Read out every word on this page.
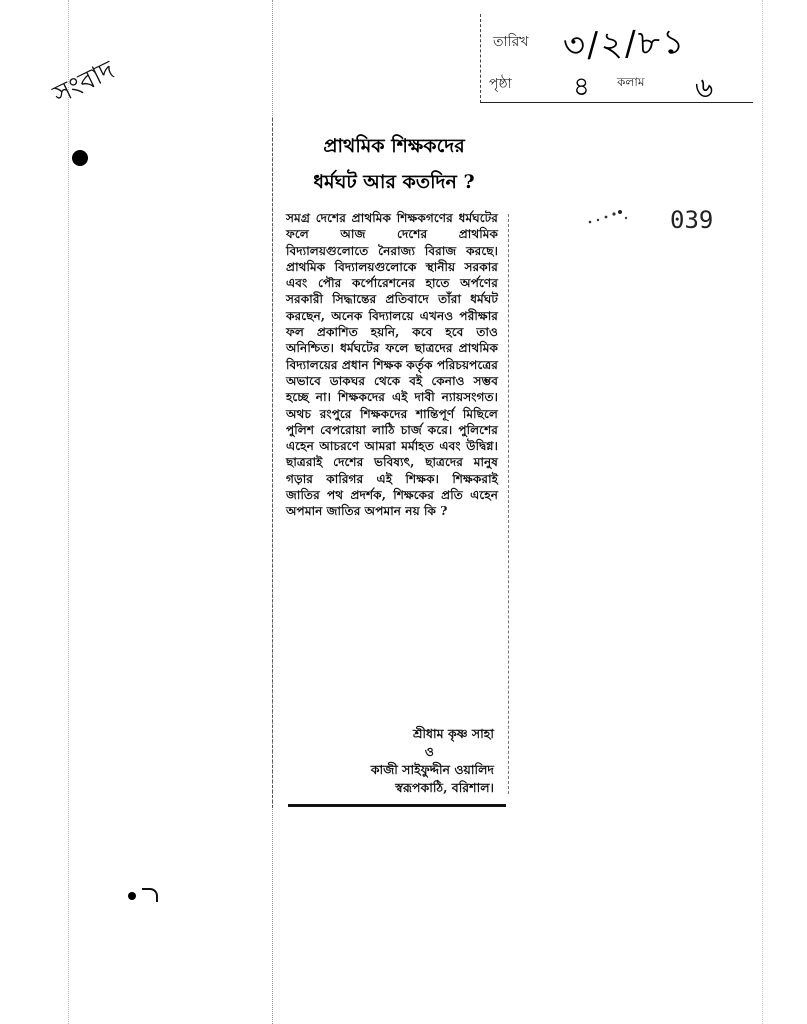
তারিখ ৩/২/৮১
পৃষ্ঠা ৪ কলাম ৬
সংবাদ
039
প্রাথমিক শিক্ষকদের
ধর্মঘট আর কতদিন ?
সমগ্র দেশের প্রাথমিক শিক্ষকগণের ধর্মঘটের ফলে আজ দেশের প্রাথমিক বিদ্যালয়গুলোতে নৈরাজ্য বিরাজ করছে। প্রাথমিক বিদ্যালয়গুলোকে স্থানীয় সরকার এবং পৌর কর্পোরেশনের হাতে অর্পণের সরকারী সিদ্ধান্তের প্রতিবাদে তাঁরা ধর্মঘট করছেন, অনেক বিদ্যালয়ে এখনও পরীক্ষার ফল প্রকাশিত হয়নি, কবে হবে তাও অনিশ্চিত। ধর্মঘটের ফলে ছাত্রদের প্রাথমিক বিদ্যালয়ের প্রধান শিক্ষক কর্তৃক পরিচয়পত্রের অভাবে ডাকঘর থেকে বই কেনাও সম্ভব হচ্ছে না। শিক্ষকদের এই দাবী ন্যায়সংগত। অথচ রংপুরে শিক্ষকদের শান্তিপূর্ণ মিছিলে পুলিশ বেপরোয়া লাঠি চার্জ করে। পুলিশের এহেন আচরণে আমরা মর্মাহত এবং উদ্বিগ্ন। ছাত্ররাই দেশের ভবিষ্যৎ, ছাত্রদের মানুষ গড়ার কারিগর এই শিক্ষক। শিক্ষকরাই জাতির পথ প্রদর্শক, শিক্ষকের প্রতি এহেন অপমান জাতির অপমান নয় কি ?
শ্রীধাম কৃষ্ণ সাহা
ও
কাজী সাইফুদ্দীন ওয়ালিদ
স্বরূপকাঠি, বরিশাল।
